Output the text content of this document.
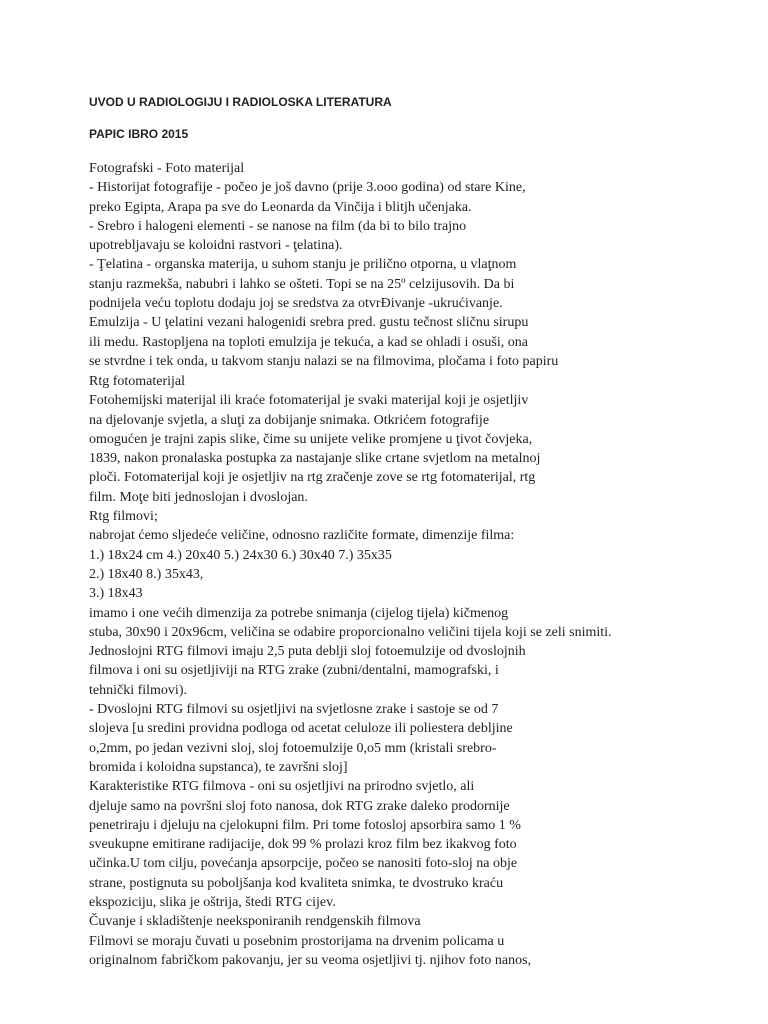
UVOD U RADIOLOGIJU I RADIOLOSKA LITERATURA
PAPIC IBRO 2015
Fotografski - Foto materijal
- Historijat fotografije - počeo je još davno (prije 3.ooo godina) od stare Kine,
preko Egipta, Arapa pa sve do Leonarda da Vinčija i blitjh učenjaka.
- Srebro i halogeni elementi - se nanose na film (da bi to bilo trajno
upotrebljavaju se koloidni rastvori - ţelatina).
- Ţelatina - organska materija, u suhom stanju je prilično otporna, u vlaţnom
stanju razmekša, nabubri i lahko se ošteti. Topi se na 25º celzijusovih. Da bi
podnijela veću toplotu dodaju joj se sredstva za otvrĐivanje -ukrućivanje.
Emulzija - U ţelatini vezani halogenidi srebra pred. gustu tečnost sličnu sirupu
ili medu. Rastopljena na toploti emulzija je tekuća, a kad se ohladi i osuši, ona
se stvrdne i tek onda, u takvom stanju nalazi se na filmovima, pločama i foto papiru
Rtg fotomaterijal
Fotohemijski materijal ili kraće fotomaterijal je svaki materijal koji je osjetljiv
na djelovanje svjetla, a sluţi za dobijanje snimaka. Otkrićem fotografije
omogućen je trajni zapis slike, čime su unijete velike promjene u ţivot čovjeka,
1839, nakon pronalaska postupka za nastajanje slike crtane svjetlom na metalnoj
ploči. Fotomaterijal koji je osjetljiv na rtg zračenje zove se rtg fotomaterijal, rtg
film. Moţe biti jednoslojan i dvoslojan.
Rtg filmovi;
nabrojat ćemo sljedeće veličine, odnosno različite formate, dimenzije filma:
1.) 18x24 cm 4.) 20x40 5.) 24x30 6.) 30x40 7.) 35x35
2.) 18x40 8.) 35x43,
3.) 18x43
imamo i one većih dimenzija za potrebe snimanja (cijelog tijela) kičmenog
stuba, 30x90 i 20x96cm, veličina se odabire proporcionalno veličini tijela koji se zeli snimiti.
Jednoslojni RTG filmovi imaju 2,5 puta deblji sloj fotoemulzije od dvoslojnih
filmova i oni su osjetljiviji na RTG zrake (zubni/dentalni, mamografski, i
tehnički filmovi).
- Dvoslojni RTG filmovi su osjetljivi na svjetlosne zrake i sastoje se od 7
slojeva [u sredini providna podloga od acetat celuloze ili poliestera debljine
o,2mm, po jedan vezivni sloj, sloj fotoemulzije 0,o5 mm (kristali srebro-
bromida i koloidna supstanca), te završni sloj]
Karakteristike RTG filmova - oni su osjetljivi na prirodno svjetlo, ali
djeluje samo na površni sloj foto nanosa, dok RTG zrake daleko prodornije
penetriraju i djeluju na cjelokupni film. Pri tome fotosloj apsorbira samo 1 %
sveukupne emitirane radijacije, dok 99 % prolazi kroz film bez ikakvog foto
učinka.U tom cilju, povećanja apsorpcije, počeo se nanositi foto-sloj na obje
strane, postignuta su poboljšanja kod kvaliteta snimka, te dvostruko kraću
ekspoziciju, slika je oštrija, štedi RTG cijev.
Čuvanje i skladištenje neeksponiranih rendgenskih filmova
Filmovi se moraju čuvati u posebnim prostorijama na drvenim policama u
originalnom fabričkom pakovanju, jer su veoma osjetljivi tj. njihov foto nanos,
